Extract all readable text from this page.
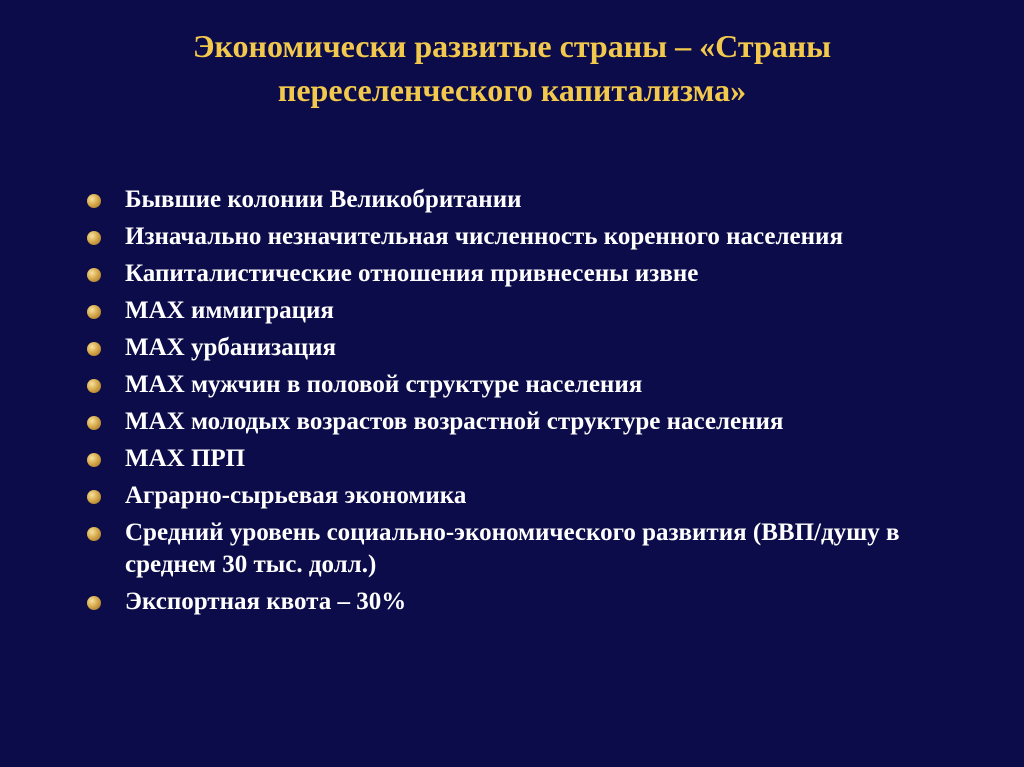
Экономически развитые страны – «Страны
переселенческого капитализма»
Бывшие колонии Великобритании
Изначально незначительная численность коренного населения
Капиталистические отношения привнесены извне
МАХ иммиграция
МАХ урбанизация
МАХ мужчин в половой структуре населения
МАХ молодых возрастов возрастной структуре населения
МАХ ПРП
Аграрно-сырьевая экономика
Средний уровень социально-экономического развития (ВВП/душу в среднем 30 тыс. долл.)
Экспортная квота – 30%
